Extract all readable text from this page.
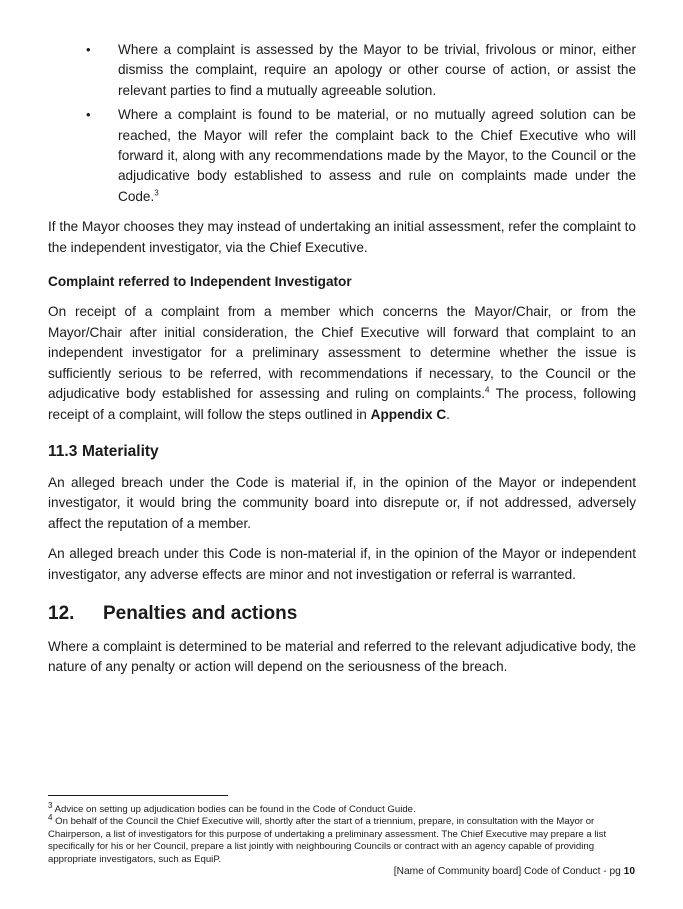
• Where a complaint is assessed by the Mayor to be trivial, frivolous or minor, either dismiss the complaint, require an apology or other course of action, or assist the relevant parties to find a mutually agreeable solution.

• Where a complaint is found to be material, or no mutually agreed solution can be reached, the Mayor will refer the complaint back to the Chief Executive who will forward it, along with any recommendations made by the Mayor, to the Council or the adjudicative body established to assess and rule on complaints made under the Code.$^3$

If the Mayor chooses they may instead of undertaking an initial assessment, refer the complaint to the independent investigator, via the Chief Executive.

Complaint referred to Independent Investigator

On receipt of a complaint from a member which concerns the Mayor/Chair, or from the Mayor/Chair after initial consideration, the Chief Executive will forward that complaint to an independent investigator for a preliminary assessment to determine whether the issue is sufficiently serious to be referred, with recommendations if necessary, to the Council or the adjudicative body established for assessing and ruling on complaints.$^4$ The process, following receipt of a complaint, will follow the steps outlined in Appendix C.

11.3 Materiality

An alleged breach under the Code is material if, in the opinion of the Mayor or independent investigator, it would bring the community board into disrepute or, if not addressed, adversely affect the reputation of a member.

An alleged breach under this Code is non-material if, in the opinion of the Mayor or independent investigator, any adverse effects are minor and not investigation or referral is warranted.

12. Penalties and actions

Where a complaint is determined to be material and referred to the relevant adjudicative body, the nature of any penalty or action will depend on the seriousness of the breach.

$^3$ Advice on setting up adjudication bodies can be found in the Code of Conduct Guide.

$^4$ On behalf of the Council the Chief Executive will, shortly after the start of a triennium, prepare, in consultation with the Mayor or Chairperson, a list of investigators for this purpose of undertaking a preliminary assessment. The Chief Executive may prepare a list specifically for his or her Council, prepare a list jointly with neighbouring Councils or contract with an agency capable of providing appropriate investigators, such as EquiP.

[Name of Community board] Code of Conduct - pg 10
